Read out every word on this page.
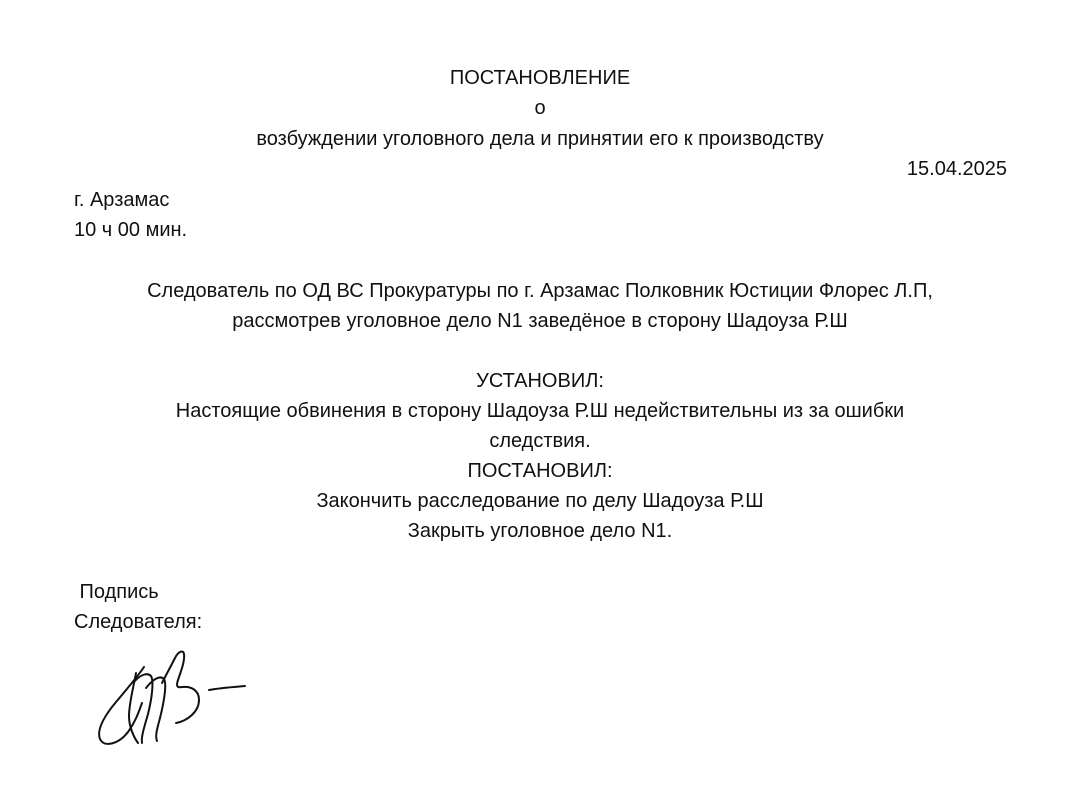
ПОСТАНОВЛЕНИЕ
о
возбуждении уголовного дела и принятии его к производству
15.04.2025
г. Арзамас
10 ч 00 мин.
Следователь по ОД ВС Прокуратуры по г. Арзамас Полковник Юстиции Флорес Л.П,
рассмотрев уголовное дело N1 заведёное в сторону Шадоуза Р.Ш
УСТАНОВИЛ:
Настоящие обвинения в сторону Шадоуза Р.Ш недействительны из за ошибки
следствия.
ПОСТАНОВИЛ:
Закончить расследование по делу Шадоуза Р.Ш
Закрыть уголовное дело N1.
Подпись
Следователя:
